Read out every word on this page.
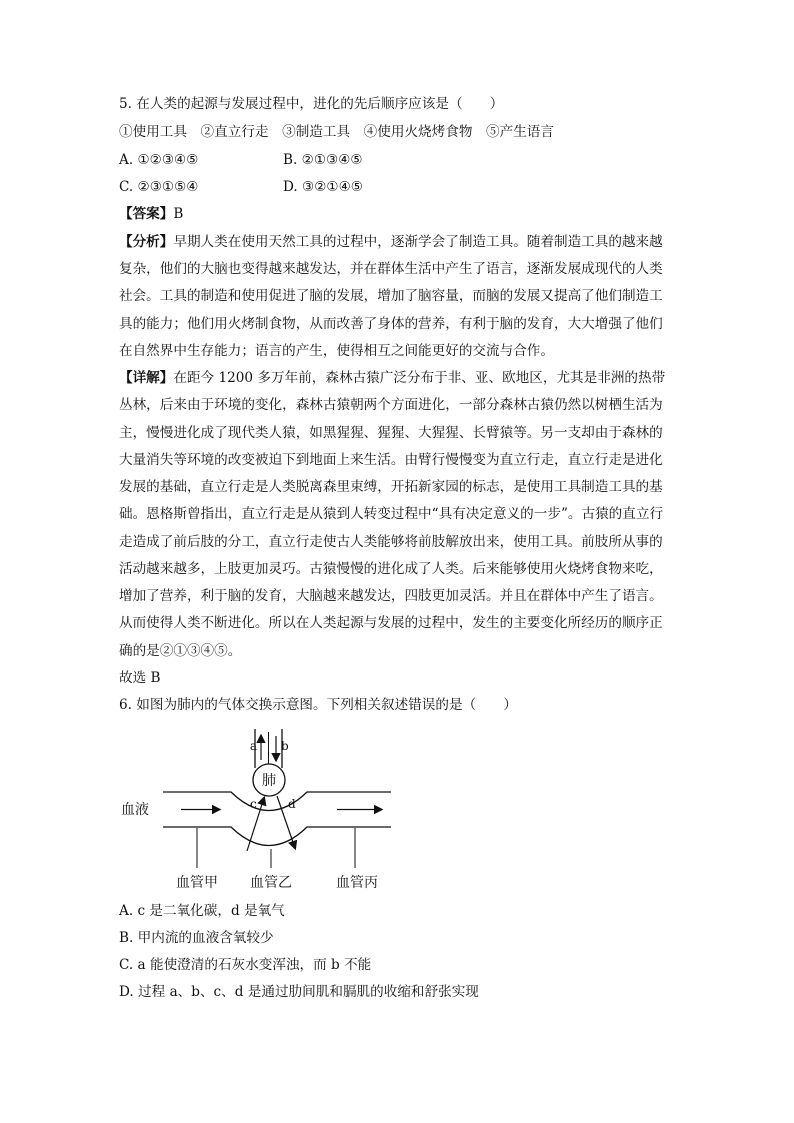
5. 在人类的起源与发展过程中，进化的先后顺序应该是（　　）
①使用工具　②直立行走　③制造工具　④使用火烧烤食物　⑤产生语言
A. ①②③④⑤	B. ②①③④⑤
C. ②③①⑤④	D. ③②①④⑤
【答案】B
【分析】早期人类在使用天然工具的过程中，逐渐学会了制造工具。随着制造工具的越来越
复杂，他们的大脑也变得越来越发达，并在群体生活中产生了语言，逐渐发展成现代的人类
社会。工具的制造和使用促进了脑的发展，增加了脑容量，而脑的发展又提高了他们制造工
具的能力；他们用火烤制食物，从而改善了身体的营养，有利于脑的发育，大大增强了他们
在自然界中生存能力；语言的产生，使得相互之间能更好的交流与合作。
【详解】在距今 1200 多万年前，森林古猿广泛分布于非、亚、欧地区，尤其是非洲的热带
丛林，后来由于环境的变化，森林古猿朝两个方面进化，一部分森林古猿仍然以树栖生活为
主，慢慢进化成了现代类人猿，如黑猩猩、猩猩、大猩猩、长臂猿等。另一支却由于森林的
大量消失等环境的改变被迫下到地面上来生活。由臂行慢慢变为直立行走，直立行走是进化
发展的基础，直立行走是人类脱离森里束缚，开拓新家园的标志，是使用工具制造工具的基
础。恩格斯曾指出，直立行走是从猿到人转变过程中“具有决定意义的一步”。古猿的直立行
走造成了前后肢的分工，直立行走使古人类能够将前肢解放出来，使用工具。前肢所从事的
活动越来越多，上肢更加灵巧。古猿慢慢的进化成了人类。后来能够使用火烧烤食物来吃，
增加了营养，利于脑的发育，大脑越来越发达，四肢更加灵活。并且在群体中产生了语言。
从而使得人类不断进化。所以在人类起源与发展的过程中，发生的主要变化所经历的顺序正
确的是②①③④⑤。
故选 B
6. 如图为肺内的气体交换示意图。下列相关叙述错误的是（　　）
a b
肺
c	d
血液
血管甲 血管乙	血管丙
A. c 是二氧化碳，d 是氧气
B. 甲内流的血液含氧较少
C. a 能使澄清的石灰水变浑浊，而 b 不能
D. 过程 a、b、c、d 是通过肋间肌和膈肌的收缩和舒张实现
